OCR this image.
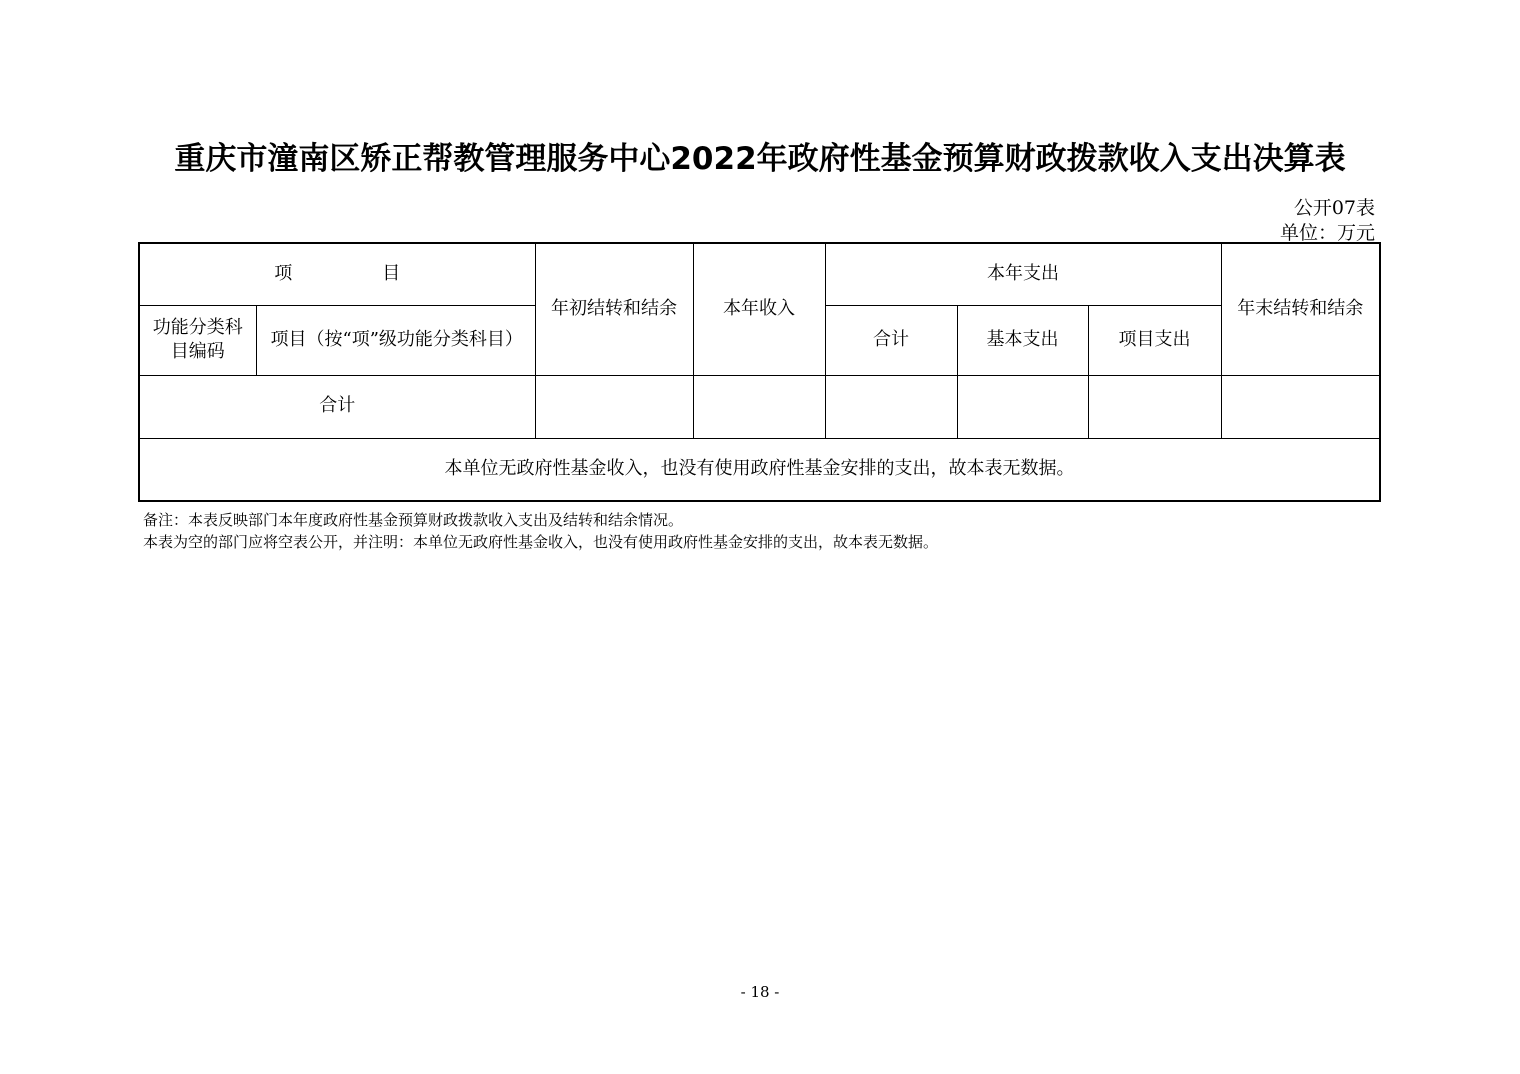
重庆市潼南区矫正帮教管理服务中心2022年政府性基金预算财政拨款收入支出决算表
公开07表
单位：万元
项　　　　　目		年初结转和结余	本年收入	本年支出			年末结转和结余
功能分类科目编码	项目（按“项”级功能分类科目）			合计	基本支出	项目支出	
合计							
本单位无政府性基金收入，也没有使用政府性基金安排的支出，故本表无数据。							
备注：本表反映部门本年度政府性基金预算财政拨款收入支出及结转和结余情况。
本表为空的部门应将空表公开，并注明：本单位无政府性基金收入，也没有使用政府性基金安排的支出，故本表无数据。
- 18 -
